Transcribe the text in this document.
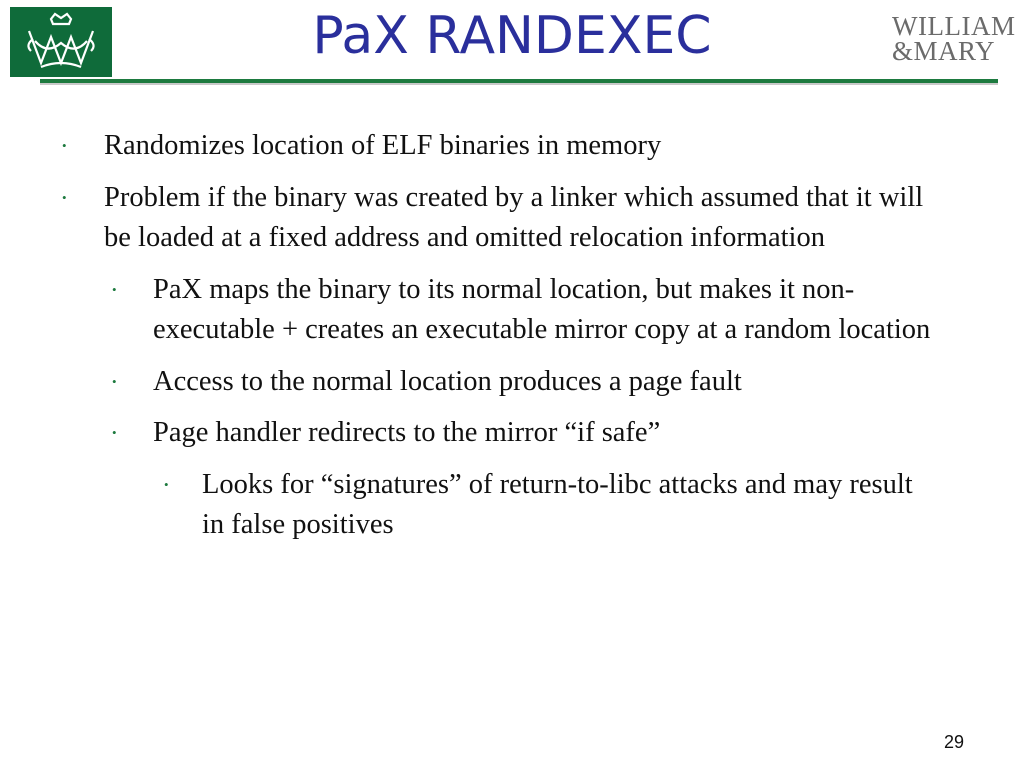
PaX RANDEXEC	WILLIAM
&MARY
• Randomizes location of ELF binaries in memory
• Problem if the binary was created by a linker which assumed that it will be loaded at a fixed address and omitted relocation information
• PaX maps the binary to its normal location, but makes it non-executable + creates an executable mirror copy at a random location
• Access to the normal location produces a page fault
• Page handler redirects to the mirror “if safe”
• Looks for “signatures” of return-to-libc attacks and may result in false positives
29
